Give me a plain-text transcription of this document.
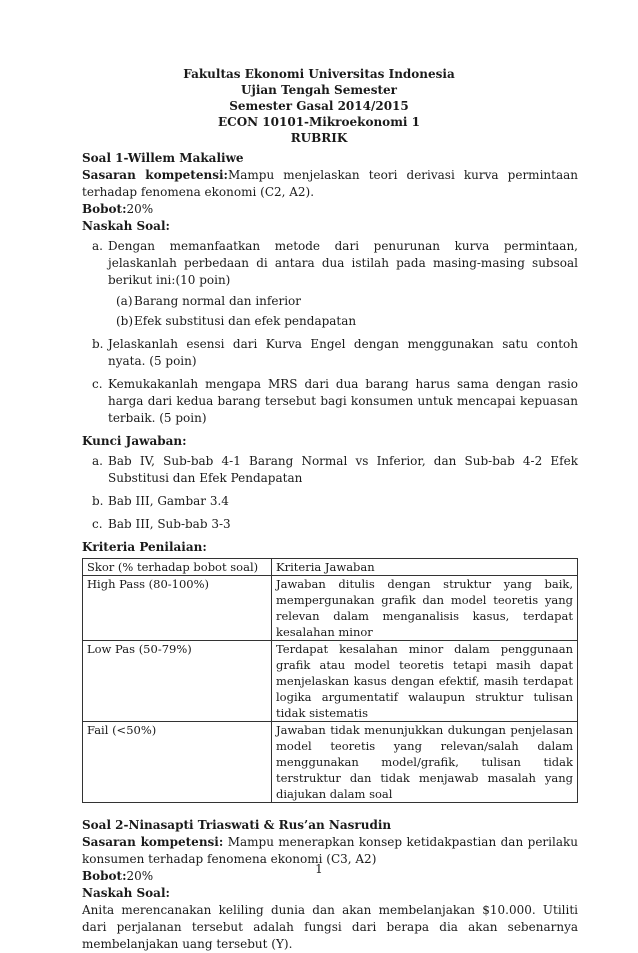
Fakultas Ekonomi Universitas Indonesia
Ujian Tengah Semester
Semester Gasal 2014/2015
ECON 10101-Mikroekonomi 1
RUBRIK

Soal 1-Willem Makaliwe

Sasaran kompetensi:Mampu menjelaskan teori derivasi kurva permintaan terhadap fenomena ekonomi (C2, A2).

Bobot:20%

Naskah Soal:

a. Dengan memanfaatkan metode dari penurunan kurva permintaan, jelaskanlah perbedaan di antara dua istilah pada masing-masing subsoal berikut ini:(10 poin)
(a) Barang normal dan inferior
(b) Efek substitusi dan efek pendapatan
b. Jelaskanlah esensi dari Kurva Engel dengan menggunakan satu contoh nyata. (5 poin)
c. Kemukakanlah mengapa MRS dari dua barang harus sama dengan rasio harga dari kedua barang tersebut bagi konsumen untuk mencapai kepuasan terbaik. (5 poin)

Kunci Jawaban:

a. Bab IV, Sub-bab 4-1 Barang Normal vs Inferior, dan Sub-bab 4-2 Efek Substitusi dan Efek Pendapatan
b. Bab III, Gambar 3.4
c. Bab III, Sub-bab 3-3

Kriteria Penilaian:

Skor (% terhadap bobot soal)	Kriteria Jawaban
High Pass (80-100%)	Jawaban ditulis dengan struktur yang baik, mempergunakan grafik dan model teoretis yang relevan dalam menganalisis kasus, terdapat kesalahan minor
Low Pas (50-79%)	Terdapat kesalahan minor dalam penggunaan grafik atau model teoretis tetapi masih dapat menjelaskan kasus dengan efektif, masih terdapat logika argumentatif walaupun struktur tulisan tidak sistematis
Fail (<50%)	Jawaban tidak menunjukkan dukungan penjelasan model teoretis yang relevan/salah dalam menggunakan model/grafik, tulisan tidak terstruktur dan tidak menjawab masalah yang diajukan dalam soal

Soal 2-Ninasapti Triaswati & Rus’an Nasrudin

Sasaran kompetensi: Mampu menerapkan konsep ketidakpastian dan perilaku konsumen terhadap fenomena ekonomi (C3, A2)

Bobot:20%

Naskah Soal:

Anita merencanakan keliling dunia dan akan membelanjakan $10.000. Utiliti dari perjalanan tersebut adalah fungsi dari berapa dia akan sebenarnya membelanjakan uang tersebut (Y).

1
